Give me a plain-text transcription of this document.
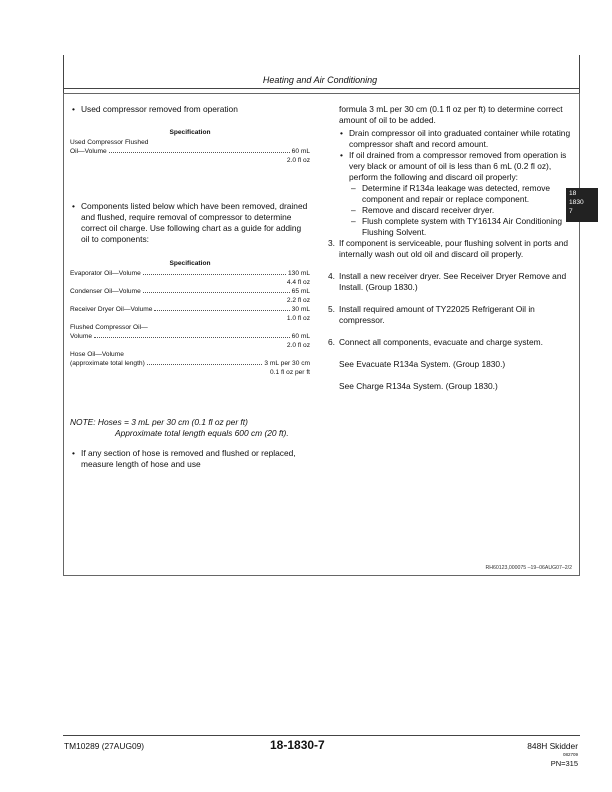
Heating and Air Conditioning
18
1830
7
• Used compressor removed from operation
Specification
Used Compressor Flushed
Oil—Volume	60 mL
2.0 fl oz
• Components listed below which have been removed, drained and flushed, require removal of compressor to determine correct oil charge. Use following chart as a guide for adding oil to components:
Specification
Evaporator Oil—Volume	130 mL
4.4 fl oz
Condenser Oil—Volume	65 mL
2.2 fl oz
Receiver Dryer Oil—Volume	30 mL
1.0 fl oz
Flushed Compressor Oil—
Volume	60 mL
2.0 fl oz
Hose Oil—Volume
(approximate total length)	3 mL per 30 cm
0.1 fl oz per ft
NOTE: Hoses = 3 mL per 30 cm (0.1 fl oz per ft)
Approximate total length equals 600 cm (20 ft).
• If any section of hose is removed and flushed or replaced, measure length of hose and use
formula 3 mL per 30 cm (0.1 fl oz per ft) to determine correct amount of oil to be added.
• Drain compressor oil into graduated container while rotating compressor shaft and record amount.
• If oil drained from a compressor removed from operation is very black or amount of oil is less than 6 mL (0.2 fl oz), perform the following and discard oil properly:
– Determine if R134a leakage was detected, remove component and repair or replace component.
– Remove and discard receiver dryer.
– Flush complete system with TY16134 Air Conditioning Flushing Solvent.
3. If component is serviceable, pour flushing solvent in ports and internally wash out old oil and discard oil properly.
4. Install a new receiver dryer. See Receiver Dryer Remove and Install. (Group 1830.)
5. Install required amount of TY22025 Refrigerant Oil in compressor.
6. Connect all components, evacuate and charge system.
See Evacuate R134a System. (Group 1830.)
See Charge R134a System. (Group 1830.)
RH60123,000075 –19–06AUG07–2/2
TM10289 (27AUG09)	18-1830-7	848H Skidder
082709
PN=315
